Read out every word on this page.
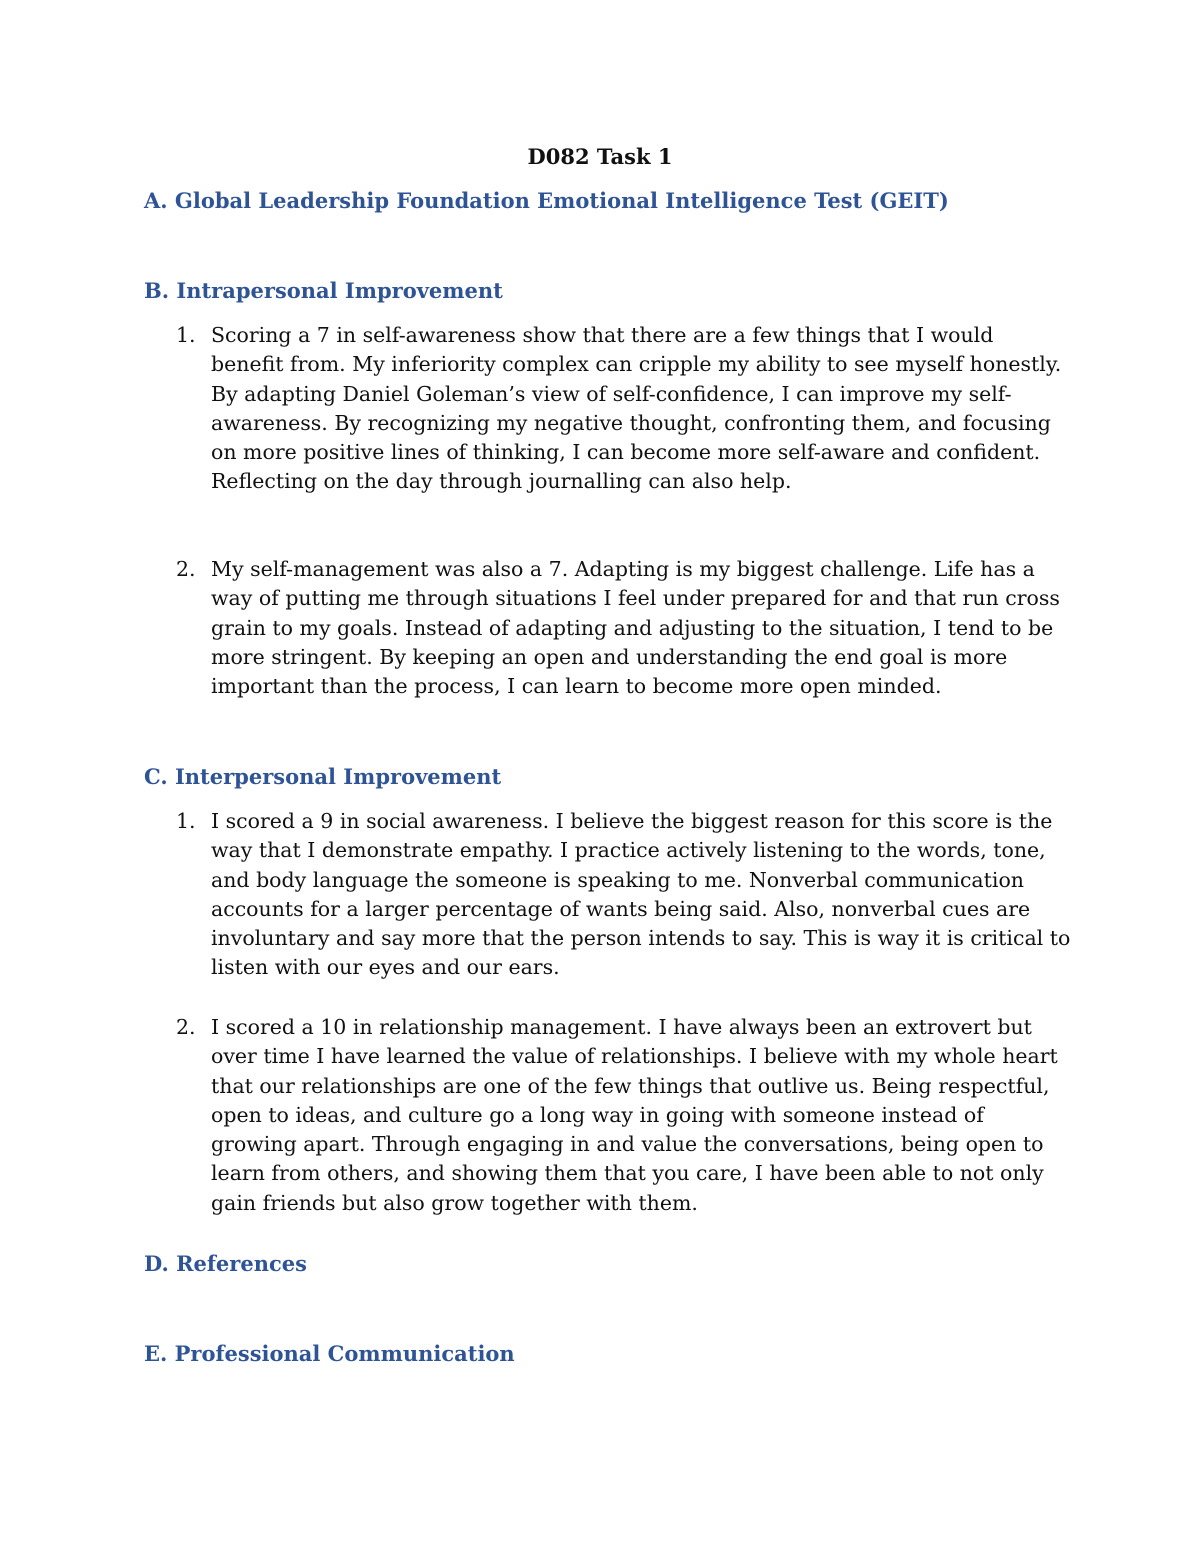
D082 Task 1
A. Global Leadership Foundation Emotional Intelligence Test (GEIT)
B. Intrapersonal Improvement
1. Scoring a 7 in self-awareness show that there are a few things that I would benefit from. My inferiority complex can cripple my ability to see myself honestly. By adapting Daniel Goleman’s view of self-confidence, I can improve my self-awareness. By recognizing my negative thought, confronting them, and focusing on more positive lines of thinking, I can become more self-aware and confident. Reflecting on the day through journalling can also help.
2. My self-management was also a 7. Adapting is my biggest challenge. Life has a way of putting me through situations I feel under prepared for and that run cross grain to my goals. Instead of adapting and adjusting to the situation, I tend to be more stringent. By keeping an open and understanding the end goal is more important than the process, I can learn to become more open minded.
C. Interpersonal Improvement
1. I scored a 9 in social awareness. I believe the biggest reason for this score is the way that I demonstrate empathy. I practice actively listening to the words, tone, and body language the someone is speaking to me. Nonverbal communication accounts for a larger percentage of wants being said. Also, nonverbal cues are involuntary and say more that the person intends to say. This is way it is critical to listen with our eyes and our ears.
2. I scored a 10 in relationship management. I have always been an extrovert but over time I have learned the value of relationships. I believe with my whole heart that our relationships are one of the few things that outlive us. Being respectful, open to ideas, and culture go a long way in going with someone instead of growing apart. Through engaging in and value the conversations, being open to learn from others, and showing them that you care, I have been able to not only gain friends but also grow together with them.
D. References
E. Professional Communication
